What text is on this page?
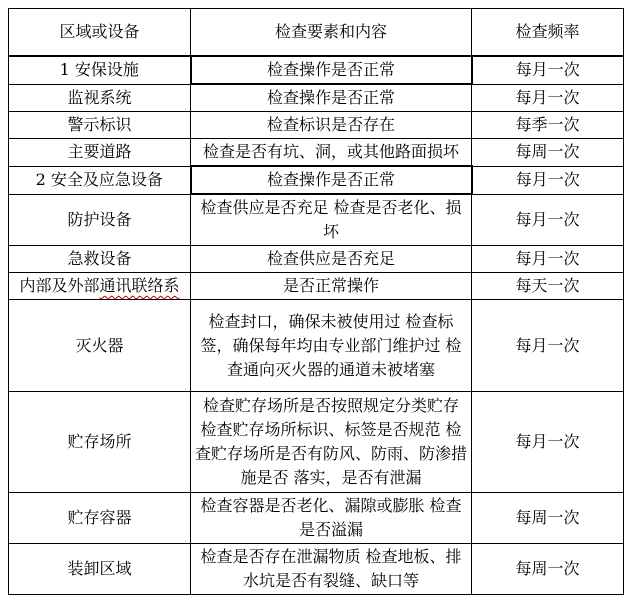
区域或设备	检查要素和内容	检查频率
1 安保设施	检查操作是否正常	每月一次
监视系统	检查操作是否正常	每月一次
警示标识	检查标识是否存在	每季一次
主要道路	检查是否有坑、洞，或其他路面损坏	每周一次
2 安全及应急设备	检查操作是否正常	每月一次
防护设备	检查供应是否充足 检查是否老化、损坏	每月一次
急救设备	检查供应是否充足	每月一次
内部及外部通讯联络系	是否正常操作	每天一次
灭火器	检查封口，确保未被使用过 检查标签，确保每年均由专业部门维护过 检查通向灭火器的通道未被堵塞	每月一次
贮存场所	检查贮存场所是否按照规定分类贮存 检查贮存场所标识、标签是否规范 检查贮存场所是否有防风、防雨、防渗措施是否 落实，是否有泄漏	每月一次
贮存容器	检查容器是否老化、漏隙或膨胀 检查是否溢漏	每周一次
装卸区域	检查是否存在泄漏物质 检查地板、排水坑是否有裂缝、缺口等	每周一次
